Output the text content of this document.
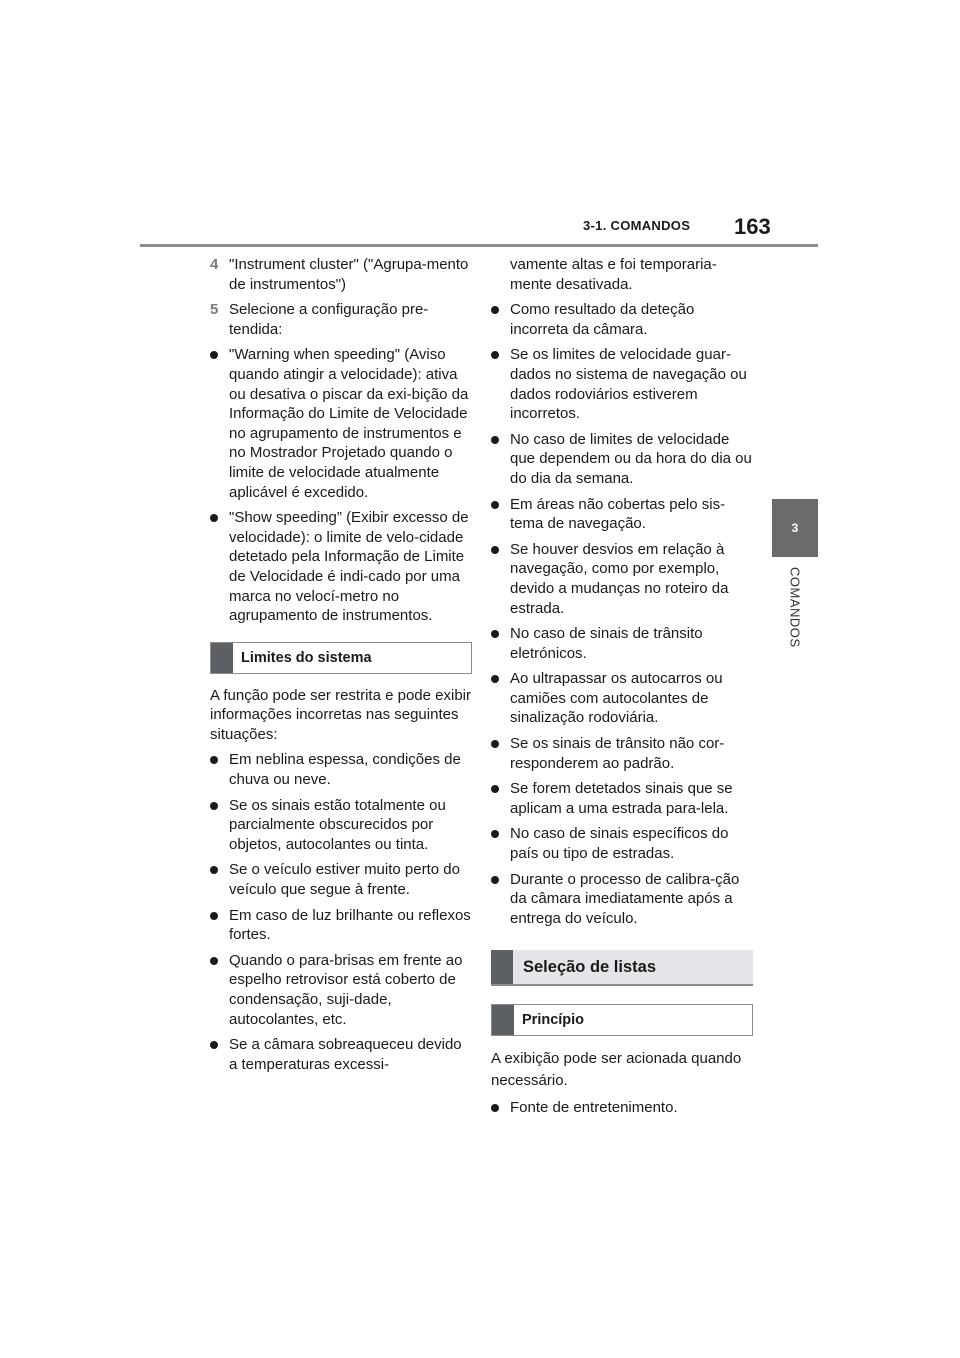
3-1. COMANDOS 163
3
COMANDOS
4 "Instrument cluster" ("Agrupa-mento de instrumentos")
5 Selecione a configuração pre-tendida:
"Warning when speeding" (Aviso quando atingir a velocidade): ativa ou desativa o piscar da exi-bição da Informação do Limite de Velocidade no agrupamento de instrumentos e no Mostrador Projetado quando o limite de velocidade atualmente aplicável é excedido.
"Show speeding” (Exibir excesso de velocidade): o limite de velo-cidade detetado pela Informação de Limite de Velocidade é indi-cado por uma marca no velocí-metro no agrupamento de instrumentos.
Limites do sistema
A função pode ser restrita e pode exibir informações incorretas nas seguintes situações:
Em neblina espessa, condições de chuva ou neve.
Se os sinais estão totalmente ou parcialmente obscurecidos por objetos, autocolantes ou tinta.
Se o veículo estiver muito perto do veículo que segue à frente.
Em caso de luz brilhante ou reflexos fortes.
Quando o para-brisas em frente ao espelho retrovisor está coberto de condensação, suji-dade, autocolantes, etc.
Se a câmara sobreaqueceu devido a temperaturas excessi-
vamente altas e foi temporaria-mente desativada.
Como resultado da deteção incorreta da câmara.
Se os limites de velocidade guar-dados no sistema de navegação ou dados rodoviários estiverem incorretos.
No caso de limites de velocidade que dependem ou da hora do dia ou do dia da semana.
Em áreas não cobertas pelo sis-tema de navegação.
Se houver desvios em relação à navegação, como por exemplo, devido a mudanças no roteiro da estrada.
No caso de sinais de trânsito eletrónicos.
Ao ultrapassar os autocarros ou camiões com autocolantes de sinalização rodoviária.
Se os sinais de trânsito não cor-responderem ao padrão.
Se forem detetados sinais que se aplicam a uma estrada para-lela.
No caso de sinais específicos do país ou tipo de estradas.
Durante o processo de calibra-ção da câmara imediatamente após a entrega do veículo.
Seleção de listas
Princípio
A exibição pode ser acionada quando necessário.
Fonte de entretenimento.
